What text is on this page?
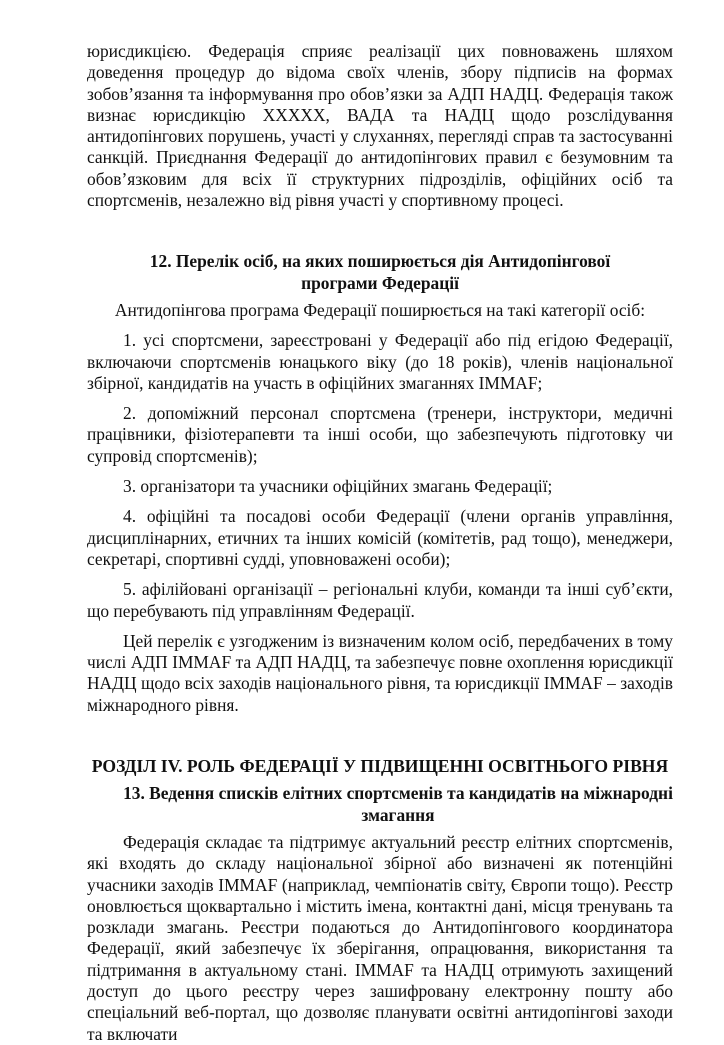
юрисдикцією. Федерація сприяє реалізації цих повноважень шляхом доведення процедур до відома своїх членів, збору підписів на формах зобов’язання та інформування про обов’язки за АДП НАДЦ. Федерація також визнає юрисдикцію XXXXX, ВАДА та НАДЦ щодо розслідування антидопінгових порушень, участі у слуханнях, перегляді справ та застосуванні санкцій. Приєднання Федерації до антидопінгових правил є безумовним та обов’язковим для всіх її структурних підрозділів, офіційних осіб та спортсменів, незалежно від рівня участі у спортивному процесі.

12. Перелік осіб, на яких поширюється дія Антидопінгової програми Федерації

Антидопінгова програма Федерації поширюється на такі категорії осіб:

1. усі спортсмени, зареєстровані у Федерації або під егідою Федерації, включаючи спортсменів юнацького віку (до 18 років), членів національної збірної, кандидатів на участь в офіційних змаганнях IMMAF;

2. допоміжний персонал спортсмена (тренери, інструктори, медичні працівники, фізіотерапевти та інші особи, що забезпечують підготовку чи супровід спортсменів);

3. організатори та учасники офіційних змагань Федерації;

4. офіційні та посадові особи Федерації (члени органів управління, дисциплінарних, етичних та інших комісій (комітетів, рад тощо), менеджери, секретарі, спортивні судді, уповноважені особи);

5. афілійовані організації – регіональні клуби, команди та інші суб’єкти, що перебувають під управлінням Федерації.

Цей перелік є узгодженим із визначеним колом осіб, передбачених в тому числі АДП IMMAF та АДП НАДЦ, та забезпечує повне охоплення юрисдикції НАДЦ щодо всіх заходів національного рівня, та юрисдикції IMMAF – заходів міжнародного рівня.

РОЗДІЛ IV. РОЛЬ ФЕДЕРАЦІЇ У ПІДВИЩЕННІ ОСВІТНЬОГО РІВНЯ
13. Ведення списків елітних спортсменів та кандидатів на міжнародні змагання

Федерація складає та підтримує актуальний реєстр елітних спортсменів, які входять до складу національної збірної або визначені як потенційні учасники заходів IMMAF (наприклад, чемпіонатів світу, Європи тощо). Реєстр оновлюється щоквартально і містить імена, контактні дані, місця тренувань та розклади змагань. Реєстри подаються до Антидопінгового координатора Федерації, який забезпечує їх зберігання, опрацювання, використання та підтримання в актуальному стані. IMMAF та НАДЦ отримують захищений доступ до цього реєстру через зашифровану електронну пошту або спеціальний веб-портал, що дозволяє планувати освітні антидопінгові заходи та включати
